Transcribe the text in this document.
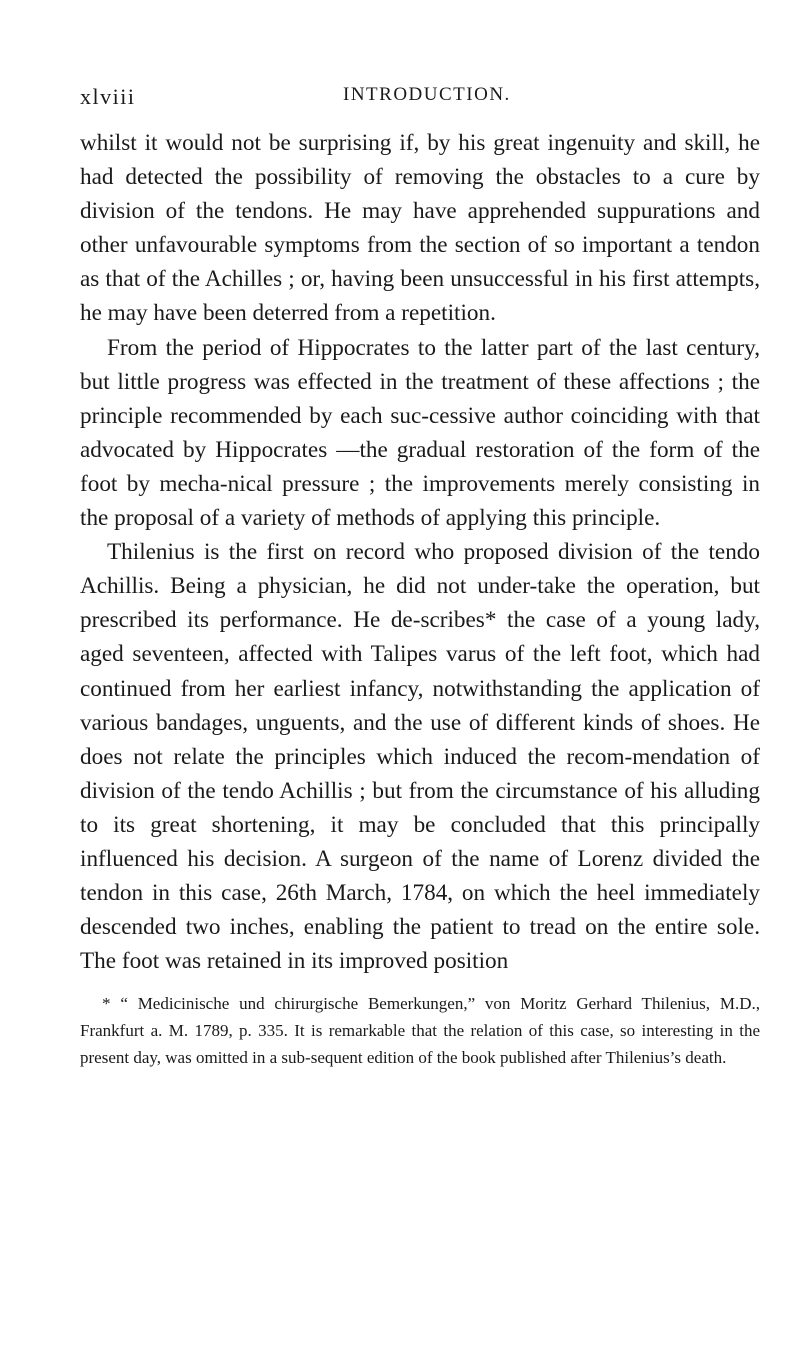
xlviii	INTRODUCTION.

whilst it would not be surprising if, by his great ingenuity and skill, he had detected the possibility of removing the obstacles to a cure by division of the tendons. He may have apprehended suppurations and other unfavourable symptoms from the section of so important a tendon as that of the Achilles ; or, having been unsuccessful in his first attempts, he may have been deterred from a repetition.

From the period of Hippocrates to the latter part of the last century, but little progress was effected in the treatment of these affections ; the principle recommended by each suc-cessive author coinciding with that advocated by Hippocrates —the gradual restoration of the form of the foot by mecha-nical pressure ; the improvements merely consisting in the proposal of a variety of methods of applying this principle.

Thilenius is the first on record who proposed division of the tendo Achillis. Being a physician, he did not under-take the operation, but prescribed its performance. He de-scribes* the case of a young lady, aged seventeen, affected with Talipes varus of the left foot, which had continued from her earliest infancy, notwithstanding the application of various bandages, unguents, and the use of different kinds of shoes. He does not relate the principles which induced the recom-mendation of division of the tendo Achillis ; but from the circumstance of his alluding to its great shortening, it may be concluded that this principally influenced his decision. A surgeon of the name of Lorenz divided the tendon in this case, 26th March, 1784, on which the heel immediately descended two inches, enabling the patient to tread on the entire sole. The foot was retained in its improved position

* “ Medicinische und chirurgische Bemerkungen,” von Moritz Gerhard Thilenius, M.D., Frankfurt a. M. 1789, p. 335. It is remarkable that the relation of this case, so interesting in the present day, was omitted in a sub-sequent edition of the book published after Thilenius’s death.
